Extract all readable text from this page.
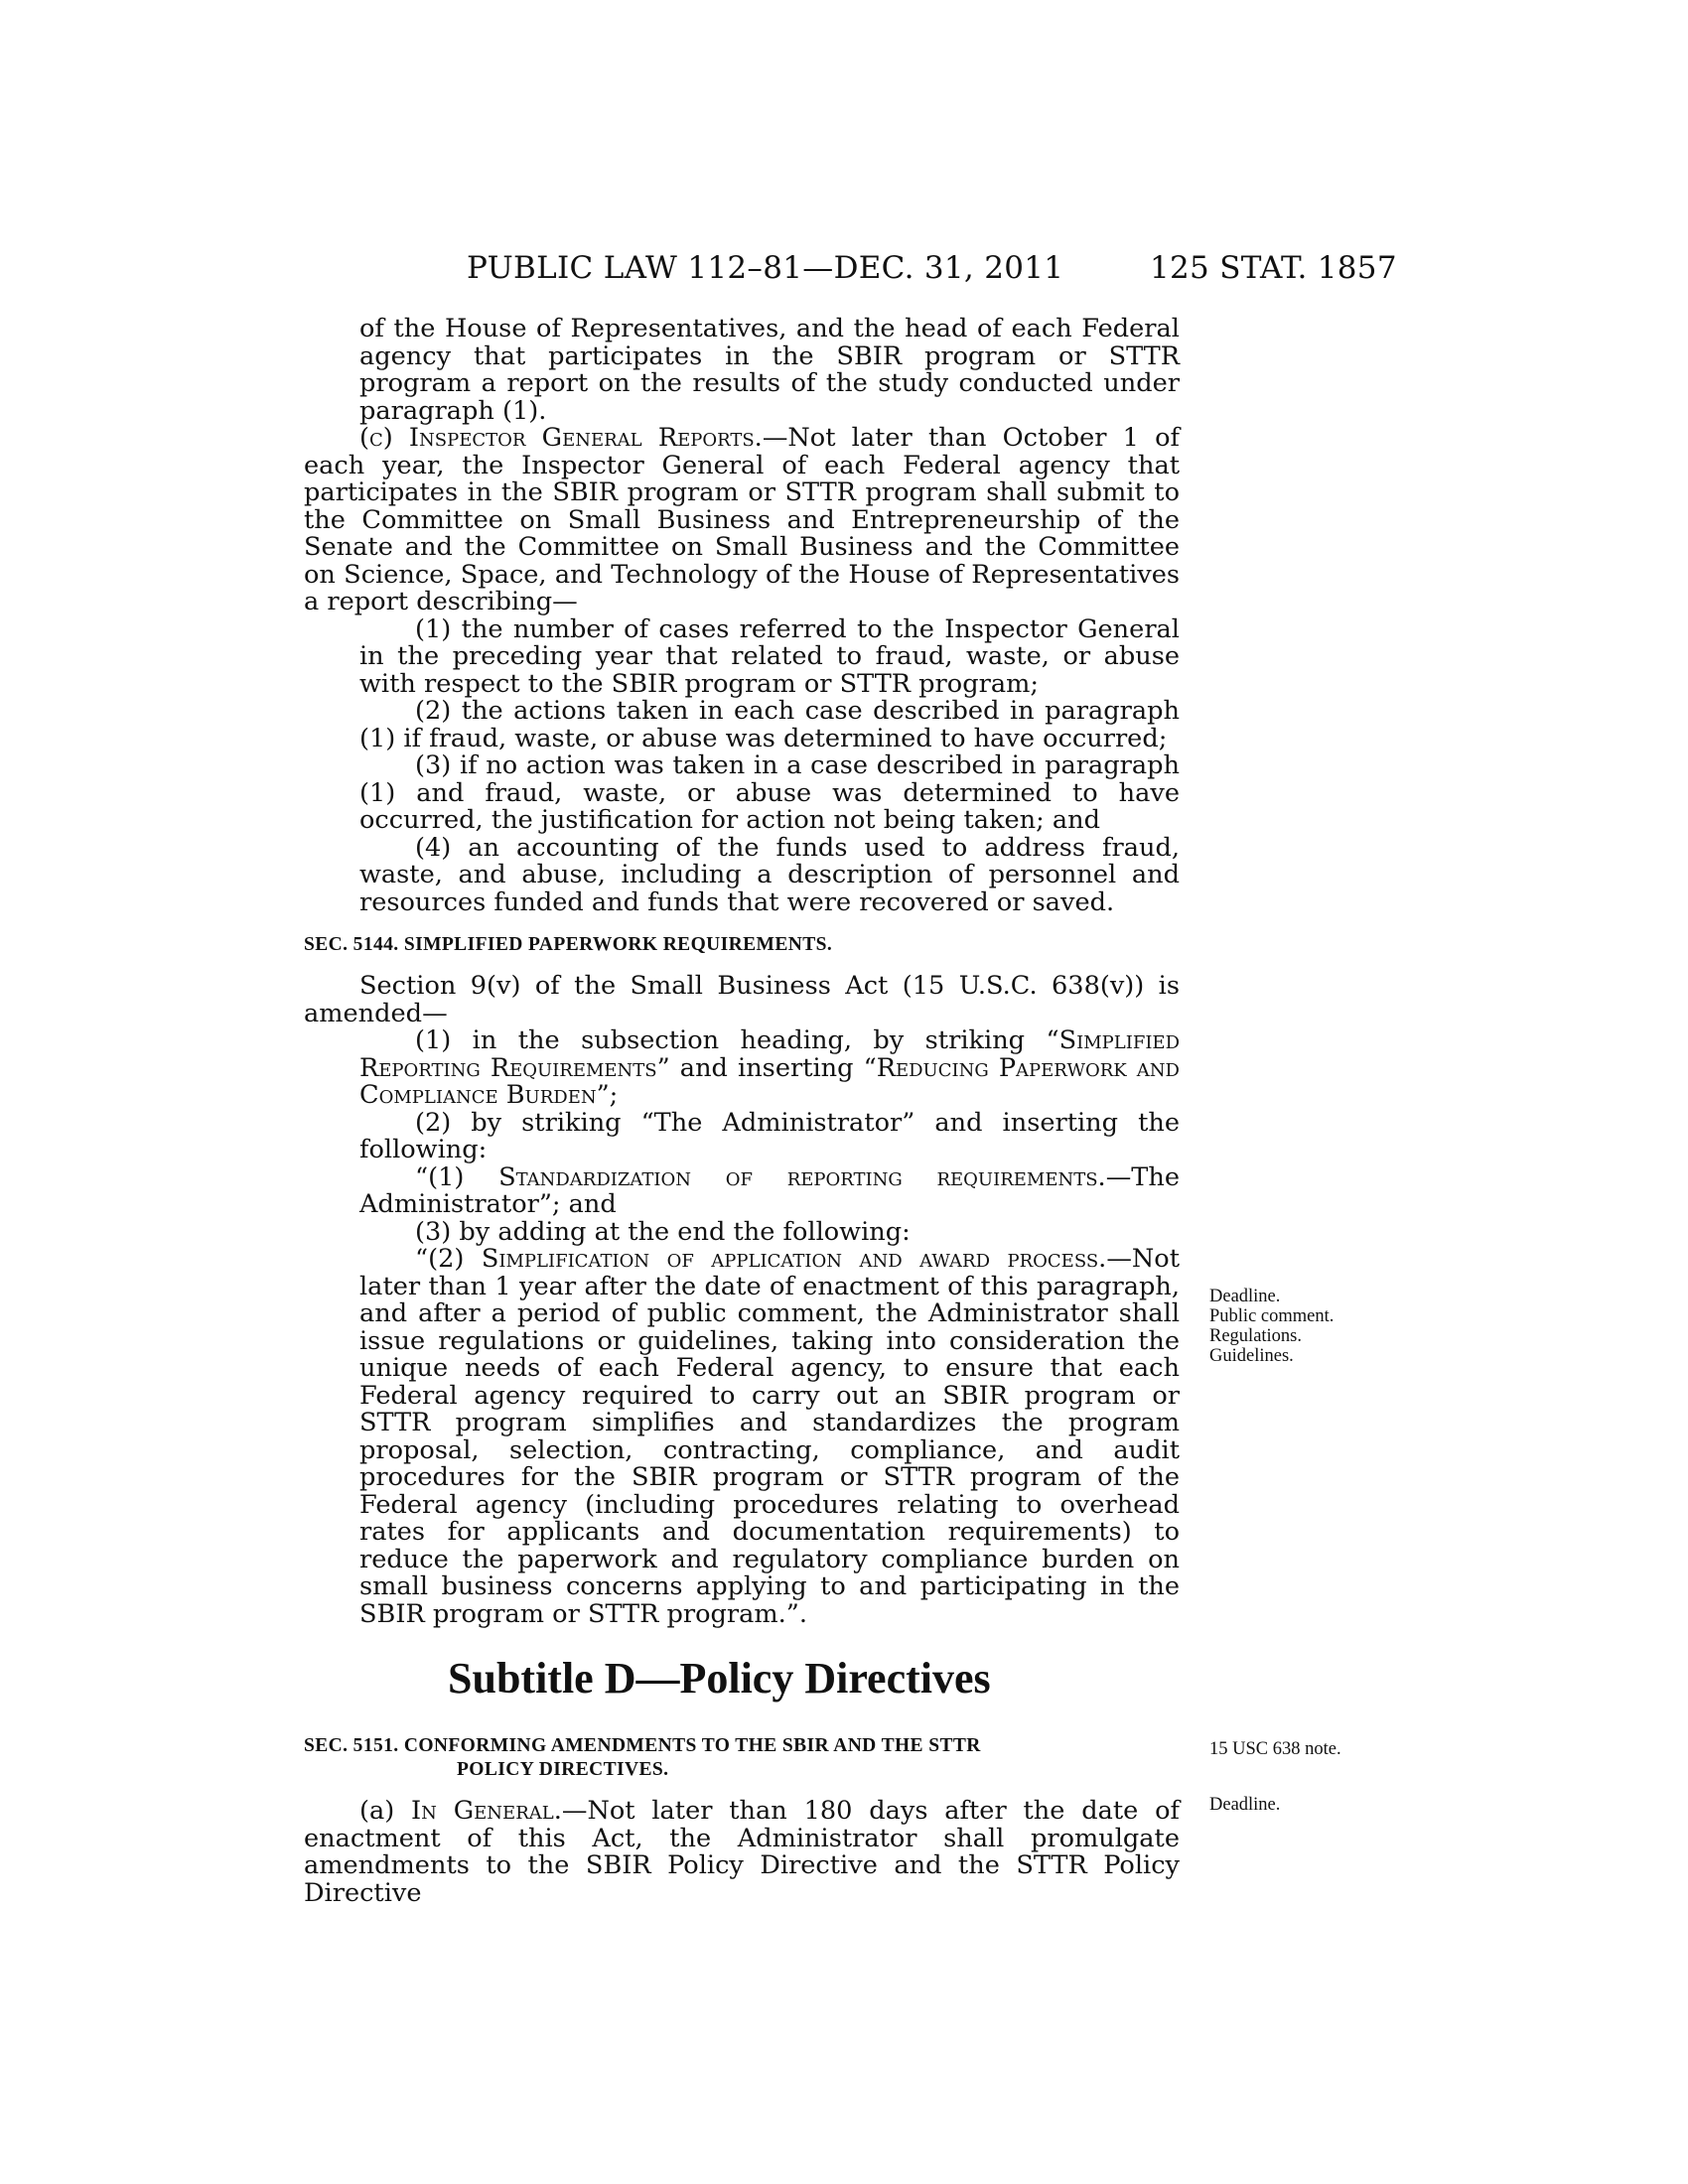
PUBLIC LAW 112–81—DEC. 31, 2011	125 STAT. 1857

of the House of Representatives, and the head of each Federal agency that participates in the SBIR program or STTR program a report on the results of the study conducted under paragraph (1).

(c) Inspector General Reports.—Not later than October 1 of each year, the Inspector General of each Federal agency that participates in the SBIR program or STTR program shall submit to the Committee on Small Business and Entrepreneurship of the Senate and the Committee on Small Business and the Committee on Science, Space, and Technology of the House of Representatives a report describing—

(1) the number of cases referred to the Inspector General in the preceding year that related to fraud, waste, or abuse with respect to the SBIR program or STTR program;

(2) the actions taken in each case described in paragraph (1) if fraud, waste, or abuse was determined to have occurred;

(3) if no action was taken in a case described in paragraph (1) and fraud, waste, or abuse was determined to have occurred, the justification for action not being taken; and

(4) an accounting of the funds used to address fraud, waste, and abuse, including a description of personnel and resources funded and funds that were recovered or saved.

SEC. 5144. SIMPLIFIED PAPERWORK REQUIREMENTS.

Section 9(v) of the Small Business Act (15 U.S.C. 638(v)) is amended—

(1) in the subsection heading, by striking “Simplified Reporting Requirements” and inserting “Reducing Paperwork and Compliance Burden”;

(2) by striking “The Administrator” and inserting the following:

“(1) Standardization of reporting requirements.—The Administrator”; and

(3) by adding at the end the following:

“(2) Simplification of application and award process.—Not later than 1 year after the date of enactment of this paragraph, and after a period of public comment, the Administrator shall issue regulations or guidelines, taking into consideration the unique needs of each Federal agency, to ensure that each Federal agency required to carry out an SBIR program or STTR program simplifies and standardizes the program proposal, selection, contracting, compliance, and audit procedures for the SBIR program or STTR program of the Federal agency (including procedures relating to overhead rates for applicants and documentation requirements) to reduce the paperwork and regulatory compliance burden on small business concerns applying to and participating in the SBIR program or STTR program.”.

Subtitle D—Policy Directives

SEC. 5151. CONFORMING AMENDMENTS TO THE SBIR AND THE STTR
POLICY DIRECTIVES.

(a) In General.—Not later than 180 days after the date of enactment of this Act, the Administrator shall promulgate amendments to the SBIR Policy Directive and the STTR Policy Directive

Deadline.
Public comment.
Regulations.
Guidelines.
15 USC 638 note.
Deadline.
